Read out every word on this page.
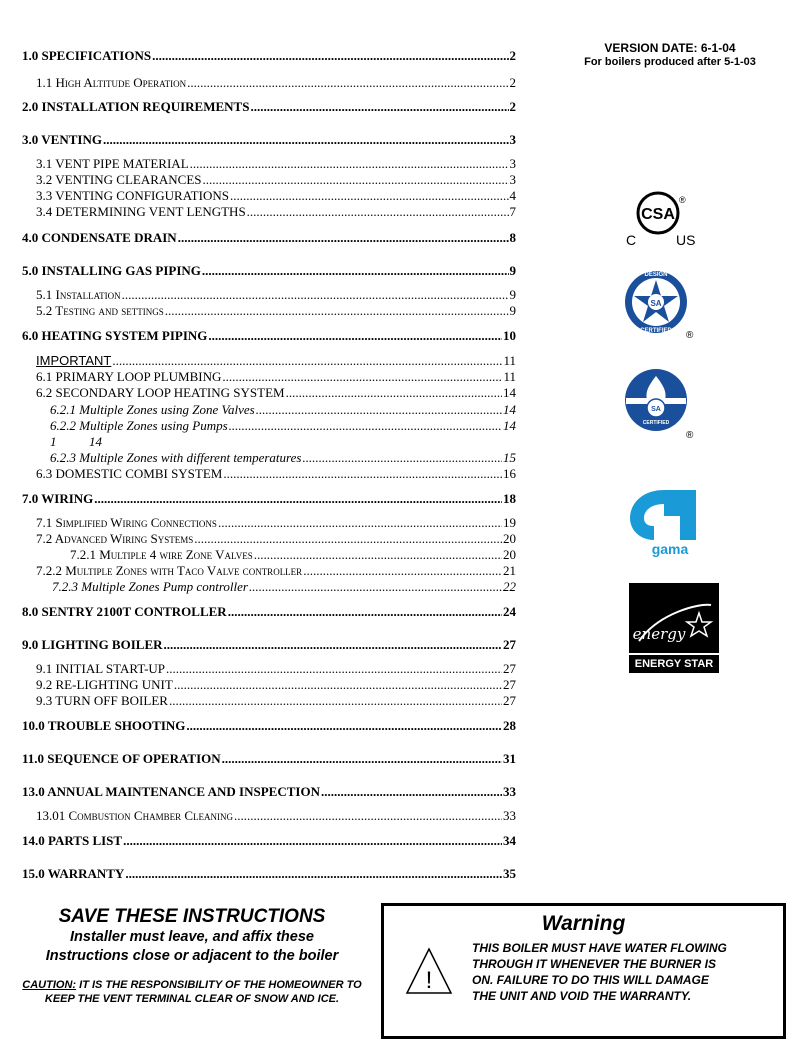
1.0 SPECIFICATIONS .....	2
1.1 High Altitude Operation .....	2
2.0 INSTALLATION REQUIREMENTS .....	2
3.0 VENTING .....	3
3.1 VENT PIPE MATERIAL .....	3
3.2 VENTING CLEARANCES .....	3
3.3 VENTING CONFIGURATIONS .....	4
3.4 DETERMINING VENT LENGTHS .....	7
4.0 CONDENSATE DRAIN .....	8
5.0 INSTALLING GAS PIPING .....	9
5.1 Installation .....	9
5.2 Testing and settings .....	9
6.0 HEATING SYSTEM PIPING .....	10
IMPORTANT .....	11
6.1 PRIMARY LOOP PLUMBING .....	11
6.2 SECONDARY LOOP HEATING SYSTEM .....	14
6.2.1 Multiple Zones using Zone Valves .....	14
6.2.2 Multiple Zones using Pumps .....	14
1	14
6.2.3 Multiple Zones with different temperatures .....	15
6.3 DOMESTIC COMBI SYSTEM .....	16
7.0 WIRING .....	18
7.1 Simplified Wiring Connections .....	19
7.2 Advanced Wiring Systems .....	20
7.2.1 Multiple 4 wire Zone Valves .....	20
7.2.2 Multiple Zones with Taco Valve controller .....	21
7.2.3 Multiple Zones Pump controller .....	22
8.0 SENTRY 2100T CONTROLLER .....	24
9.0 LIGHTING BOILER .....	27
9.1 INITIAL START-UP .....	27
9.2 RE-LIGHTING UNIT .....	27
9.3 TURN OFF BOILER .....	27
10.0 TROUBLE SHOOTING .....	28
11.0 SEQUENCE OF OPERATION .....	31
13.0 ANNUAL MAINTENANCE AND INSPECTION .....	33
13.01 Combustion Chamber Cleaning .....	33
14.0 PARTS LIST .....	34
15.0 WARRANTY .....	35
VERSION DATE: 6-1-04
For boilers produced after 5-1-03
CSA
C	US
®
SA
DESIGN
CERTIFIED ®
SA
CERTIFIED
®
gama
energy
ENERGY STAR
SAVE THESE INSTRUCTIONS
Installer must leave, and affix these
Instructions close or adjacent to the boiler
CAUTION: IT IS THE RESPONSIBILITY OF THE HOMEOWNER TO KEEP THE VENT TERMINAL CLEAR OF SNOW AND ICE.
Warning
!
THIS BOILER MUST HAVE WATER FLOWING
THROUGH IT WHENEVER THE BURNER IS
ON. FAILURE TO DO THIS WILL DAMAGE
THE UNIT AND VOID THE WARRANTY.
